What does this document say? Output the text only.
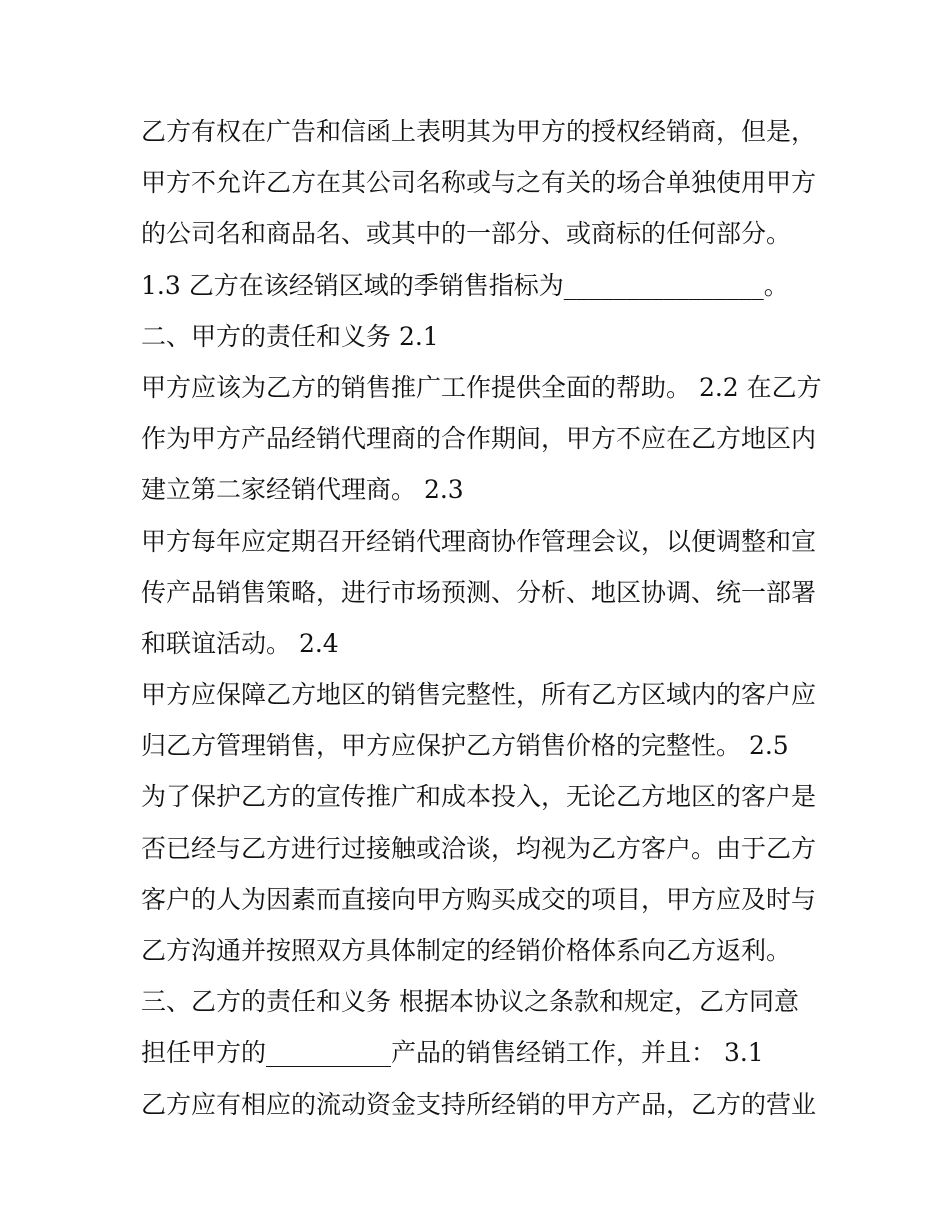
乙方有权在广告和信函上表明其为甲方的授权经销商，但是，
甲方不允许乙方在其公司名称或与之有关的场合单独使用甲方
的公司名和商品名、或其中的一部分、或商标的任何部分。
1.3 乙方在该经销区域的季销售指标为________________。
二、甲方的责任和义务 2.1
甲方应该为乙方的销售推广工作提供全面的帮助。 2.2 在乙方
作为甲方产品经销代理商的合作期间，甲方不应在乙方地区内
建立第二家经销代理商。 2.3
甲方每年应定期召开经销代理商协作管理会议，以便调整和宣
传产品销售策略，进行市场预测、分析、地区协调、统一部署
和联谊活动。 2.4
甲方应保障乙方地区的销售完整性，所有乙方区域内的客户应
归乙方管理销售，甲方应保护乙方销售价格的完整性。 2.5
为了保护乙方的宣传推广和成本投入，无论乙方地区的客户是
否已经与乙方进行过接触或洽谈，均视为乙方客户。由于乙方
客户的人为因素而直接向甲方购买成交的项目，甲方应及时与
乙方沟通并按照双方具体制定的经销价格体系向乙方返利。
三、乙方的责任和义务 根据本协议之条款和规定，乙方同意
担任甲方的__________产品的销售经销工作，并且： 3.1
乙方应有相应的流动资金支持所经销的甲方产品，乙方的营业
